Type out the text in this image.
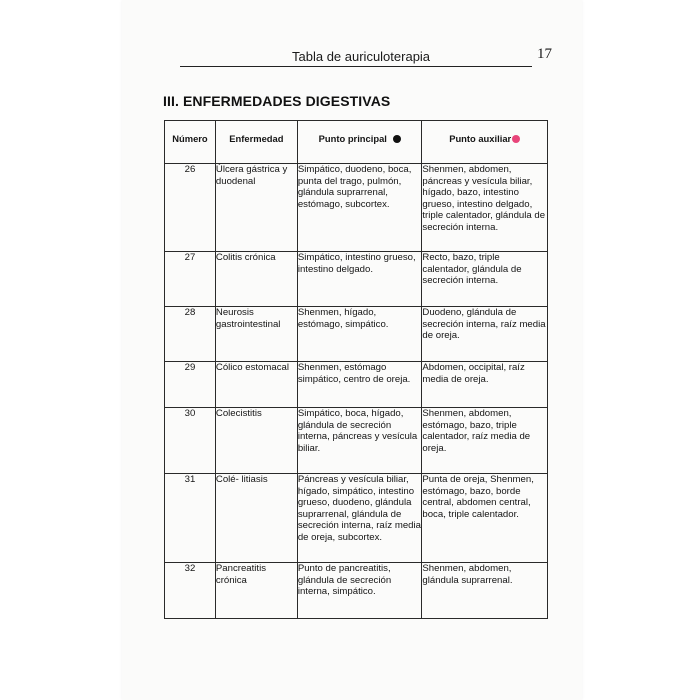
Tabla de auriculoterapia	17
III. ENFERMEDADES DIGESTIVAS
Número	Enfermedad	Punto principal	Punto auxiliar
26	Úlcera gástrica y duodenal	Simpático, duodeno, boca, punta del trago, pulmón, glándula suprarrenal, estómago, subcortex.	Shenmen, abdomen, páncreas y vesícula biliar, hígado, bazo, intestino grueso, intestino delgado, triple calentador, glándula de secreción interna.
27	Colitis crónica	Simpático, intestino grueso, intestino delgado.	Recto, bazo, triple calentador, glándula de secreción interna.
28	Neurosis gastrointestinal	Shenmen, hígado, estómago, simpático.	Duodeno, glándula de secreción interna, raíz media de oreja.
29	Cólico estomacal	Shenmen, estómago simpático, centro de oreja.	Abdomen, occipital, raíz media de oreja.
30	Colecistitis	Simpático, boca, hígado, glándula de secreción interna, páncreas y vesícula biliar.	Shenmen, abdomen, estómago, bazo, triple calentador, raíz media de oreja.
31	Colé- litiasis	Páncreas y vesícula biliar, hígado, simpático, intestino grueso, duodeno, glándula suprarrenal, glándula de secreción interna, raíz media de oreja, subcortex.	Punta de oreja, Shenmen, estómago, bazo, borde central, abdomen central, boca, triple calentador.
32	Pancreatitis crónica	Punto de pancreatitis, glándula de secreción interna, simpático.	Shenmen, abdomen, glándula suprarrenal.
